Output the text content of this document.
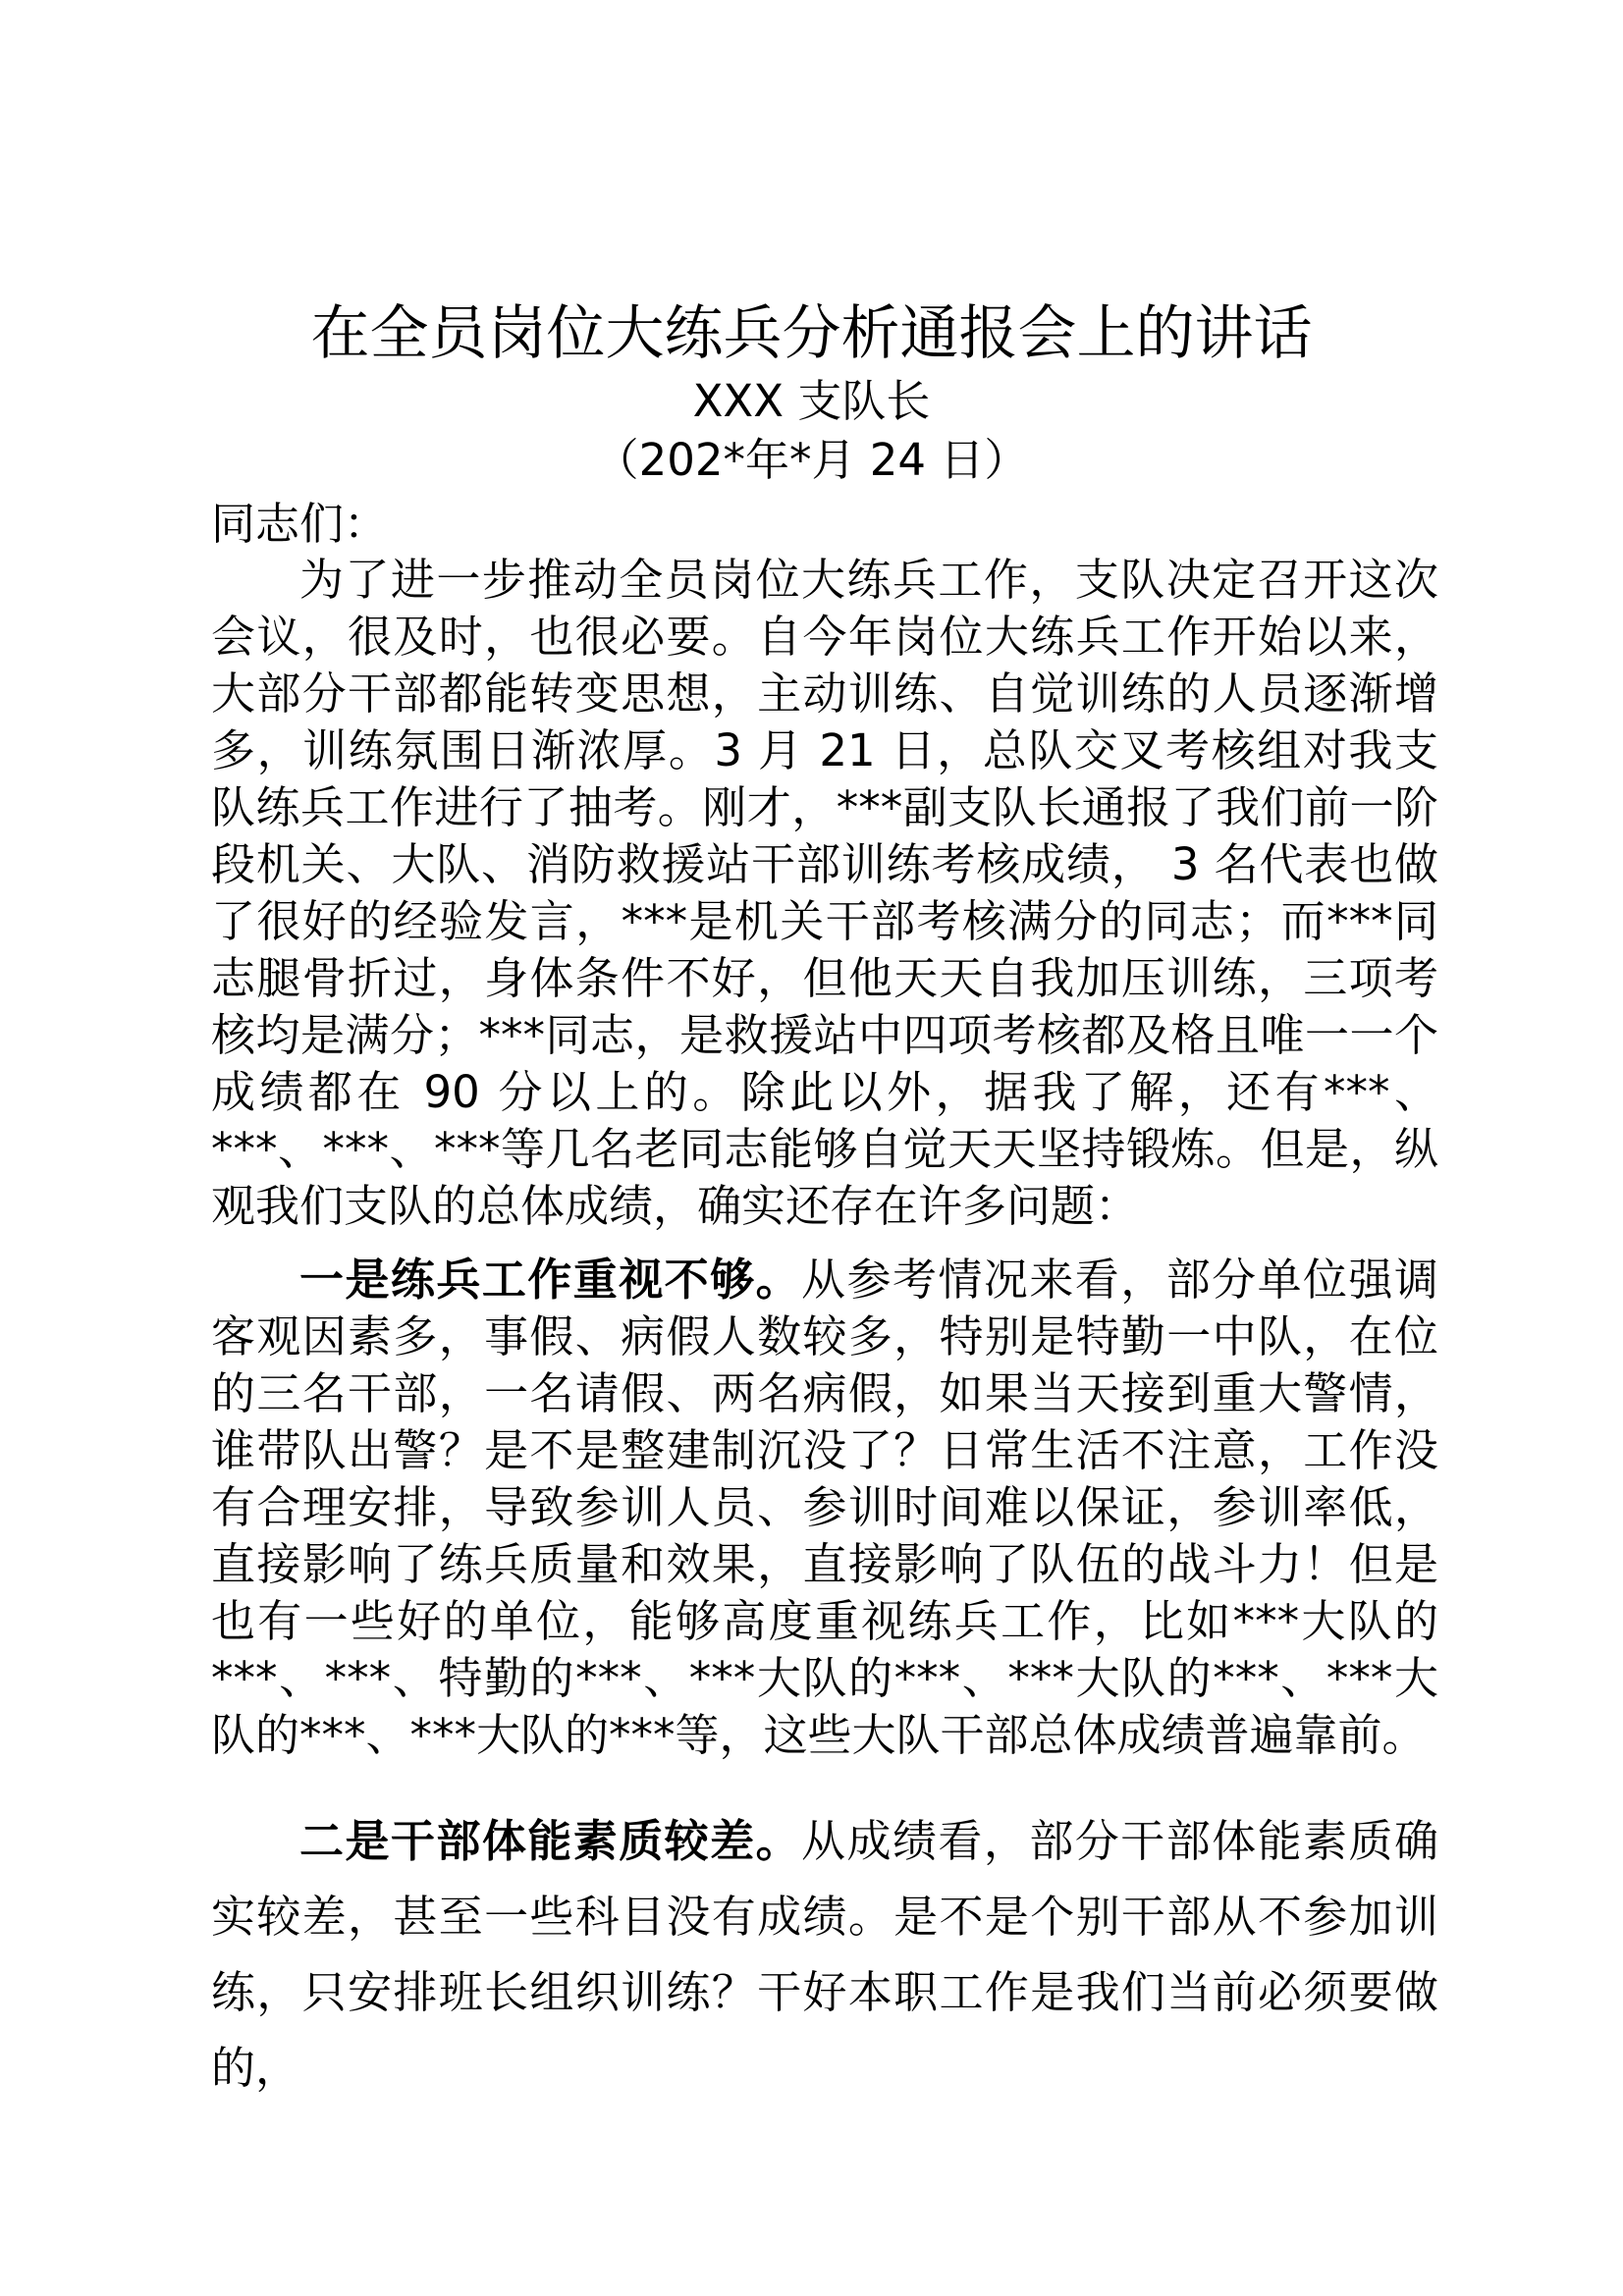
在全员岗位大练兵分析通报会上的讲话

XXX 支队长

（202*年*月 24 日）

同志们：

为了进一步推动全员岗位大练兵工作，支队决定召开这次会议，很及时，也很必要。自今年岗位大练兵工作开始以来，大部分干部都能转变思想，主动训练、自觉训练的人员逐渐增多，训练氛围日渐浓厚。3 月 21 日，总队交叉考核组对我支队练兵工作进行了抽考。刚才，***副支队长通报了我们前一阶段机关、大队、消防救援站干部训练考核成绩， 3 名代表也做了很好的经验发言，***是机关干部考核满分的同志；而***同志腿骨折过，身体条件不好，但他天天自我加压训练，三项考核均是满分；***同志，是救援站中四项考核都及格且唯一一个成绩都在 90 分以上的。除此以外，据我了解，还有***、***、***、***等几名老同志能够自觉天天坚持锻炼。但是，纵观我们支队的总体成绩，确实还存在许多问题：

一是练兵工作重视不够。从参考情况来看，部分单位强调客观因素多，事假、病假人数较多，特别是特勤一中队，在位的三名干部，一名请假、两名病假，如果当天接到重大警情，谁带队出警？是不是整建制沉没了？日常生活不注意，工作没有合理安排，导致参训人员、参训时间难以保证，参训率低，直接影响了练兵质量和效果，直接影响了队伍的战斗力！但是也有一些好的单位，能够高度重视练兵工作，比如***大队的***、***、特勤的***、***大队的***、***大队的***、***大队的***、***大队的***等，这些大队干部总体成绩普遍靠前。

二是干部体能素质较差。从成绩看，部分干部体能素质确实较差，甚至一些科目没有成绩。是不是个别干部从不参加训练，只安排班长组织训练？干好本职工作是我们当前必须要做的，
